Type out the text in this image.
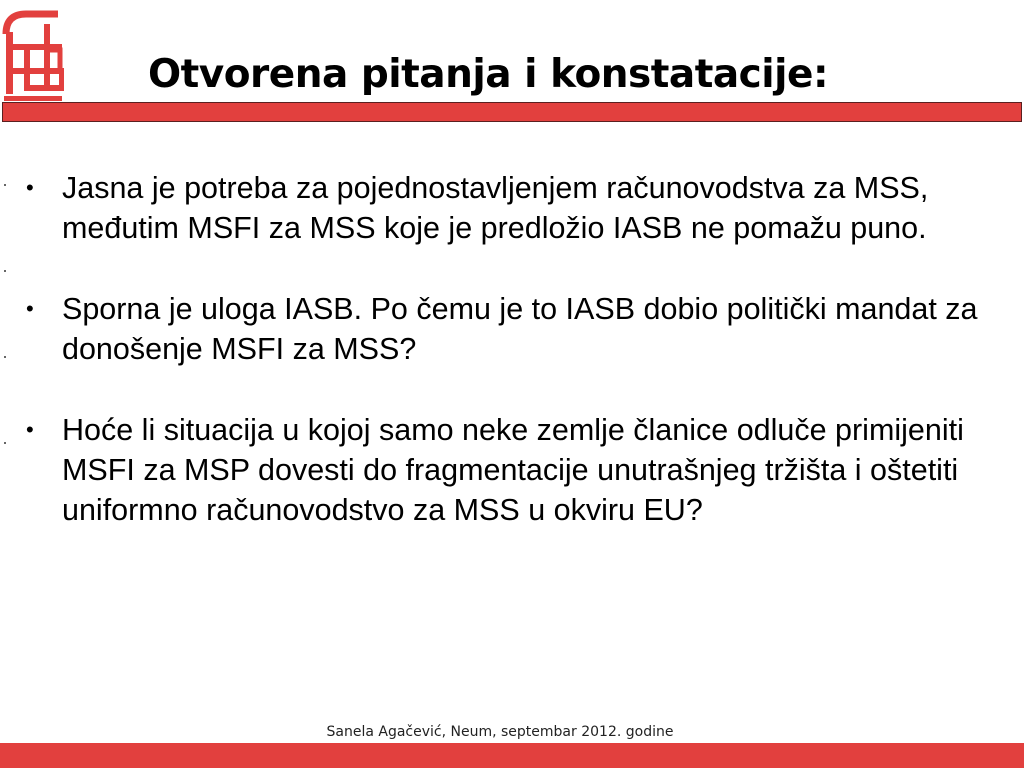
Otvorena pitanja i konstatacije:
• Jasna je potreba za pojednostavljenjem računovodstva za MSS, međutim MSFI za MSS koje je predložio IASB ne pomažu puno.
• Sporna je uloga IASB. Po čemu je to IASB dobio politički mandat za donošenje MSFI za MSS?
• Hoće li situacija u kojoj samo neke zemlje članice odluče primijeniti MSFI za MSP dovesti do fragmentacije unutrašnjeg tržišta i oštetiti uniformno računovodstvo za MSS u okviru EU?
Sanela Agačević, Neum, septembar 2012. godine
